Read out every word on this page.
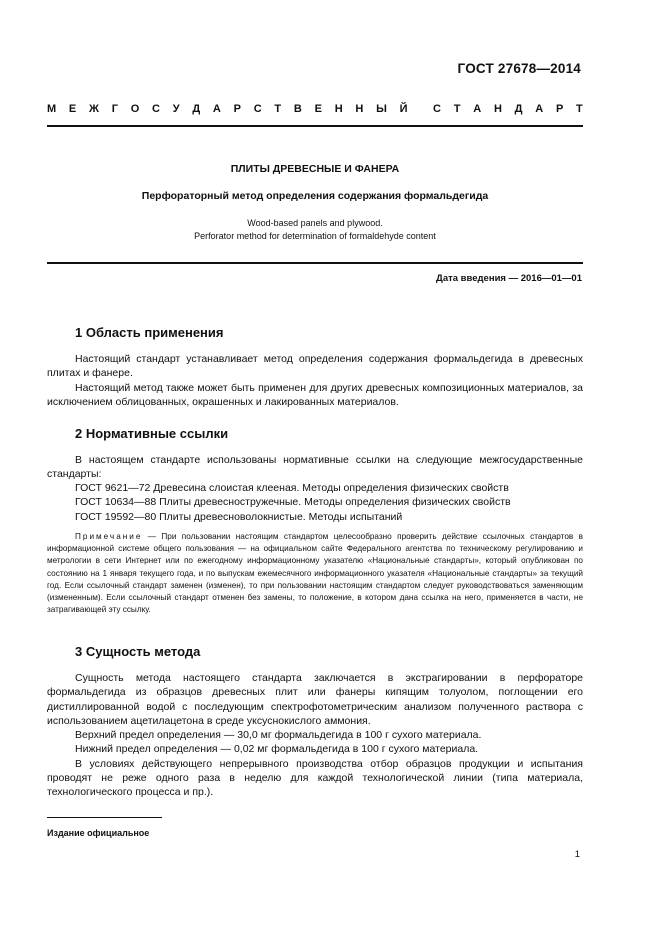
ГОСТ 27678—2014
М Е Ж Г О С У Д А Р С Т В Е Н Н Ы Й С Т А Н Д А Р Т
ПЛИТЫ ДРЕВЕСНЫЕ И ФАНЕРА
Перфораторный метод определения содержания формальдегида
Wood-based panels and plywood.
Perforator method for determination of formaldehyde content
Дата введения — 2016—01—01
1 Область применения

Настоящий стандарт устанавливает метод определения содержания формальдегида в древесных плитах и фанере.

Настоящий метод также может быть применен для других древесных композиционных материалов, за исключением облицованных, окрашенных и лакированных материалов.

2 Нормативные ссылки

В настоящем стандарте использованы нормативные ссылки на следующие межгосударственные стандарты:

ГОСТ 9621—72 Древесина слоистая клееная. Методы определения физических свойств
ГОСТ 10634—88 Плиты древесностружечные. Методы определения физических свойств
ГОСТ 19592—80 Плиты древесноволокнистые. Методы испытаний

Примечание — При пользовании настоящим стандартом целесообразно проверить действие ссылочных стандартов в информационной системе общего пользования — на официальном сайте Федерального агентства по техническому регулированию и метрологии в сети Интернет или по ежегодному информационному указателю «Национальные стандарты», который опубликован по состоянию на 1 января текущего года, и по выпускам ежемесячного информационного указателя «Национальные стандарты» за текущий год. Если ссылочный стандарт заменен (изменен), то при пользовании настоящим стандартом следует руководствоваться заменяющим (измененным). Если ссылочный стандарт отменен без замены, то положение, в котором дана ссылка на него, применяется в части, не затрагивающей эту ссылку.

3 Сущность метода

Сущность метода настоящего стандарта заключается в экстрагировании в перфораторе формальдегида из образцов древесных плит или фанеры кипящим толуолом, поглощении его дистиллированной водой с последующим спектрофотометрическим анализом полученного раствора с использованием ацетилацетона в среде уксуснокислого аммония.

Верхний предел определения — 30,0 мг формальдегида в 100 г сухого материала.

Нижний предел определения — 0,02 мг формальдегида в 100 г сухого материала.

В условиях действующего непрерывного производства отбор образцов продукции и испытания проводят не реже одного раза в неделю для каждой технологической линии (типа материала, технологического процесса и пр.).

Издание официальное
1
